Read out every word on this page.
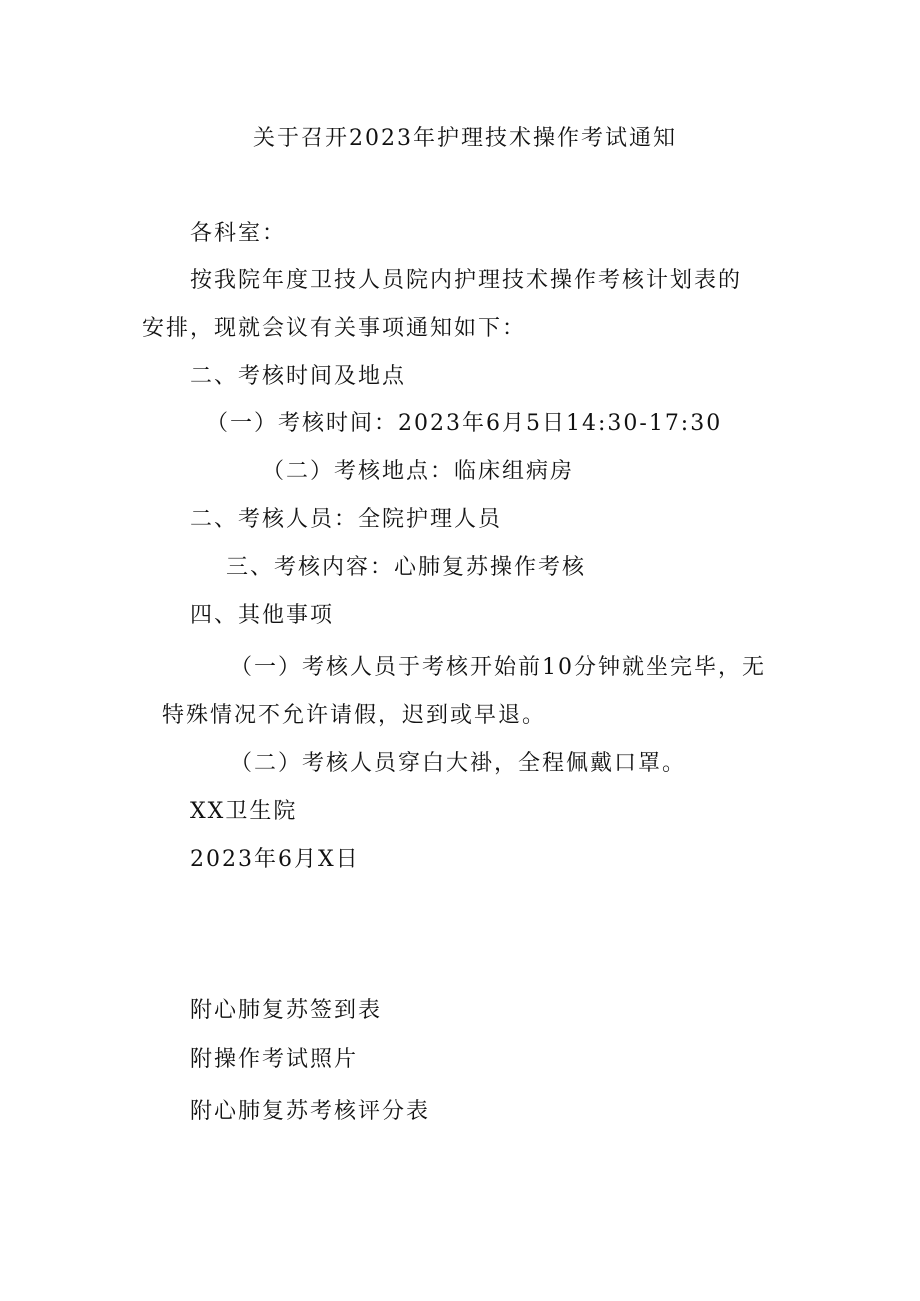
关于召开2023年护理技术操作考试通知
各科室：
按我院年度卫技人员院内护理技术操作考核计划表的
安排，现就会议有关事项通知如下：
二、考核时间及地点
（一）考核时间：2023年6月5日14:30-17:30
（二）考核地点：临床组病房
二、考核人员：全院护理人员
三、考核内容：心肺复苏操作考核
四、其他事项
（一）考核人员于考核开始前10分钟就坐完毕，无
特殊情况不允许请假，迟到或早退。
（二）考核人员穿白大褂，全程佩戴口罩。
XX卫生院
2023年6月X日
附心肺复苏签到表
附操作考试照片
附心肺复苏考核评分表
